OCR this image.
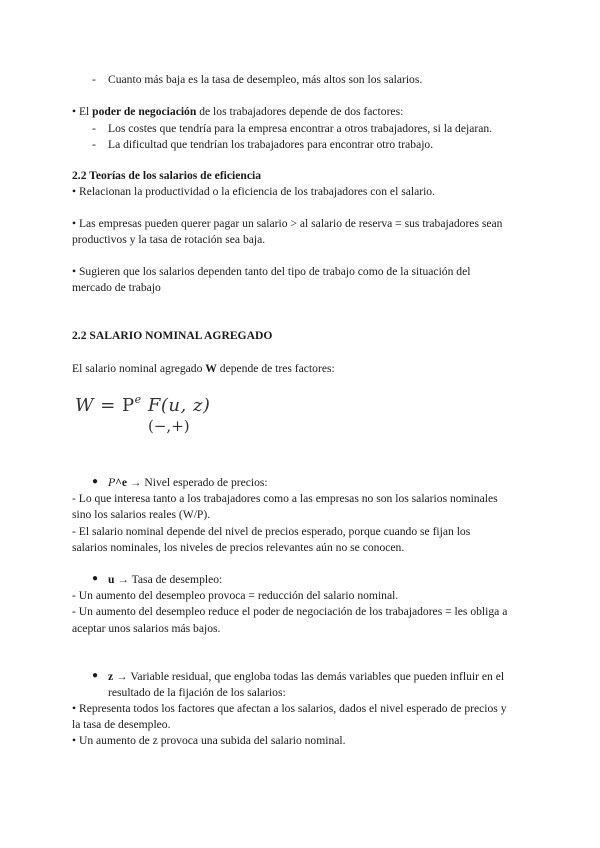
- Cuanto más baja es la tasa de desempleo, más altos son los salarios.
• El poder de negociación de los trabajadores depende de dos factores:
- Los costes que tendría para la empresa encontrar a otros trabajadores, si la dejaran.
- La dificultad que tendrían los trabajadores para encontrar otro trabajo.
2.2 Teorías de los salarios de eficiencia
• Relacionan la productividad o la eficiencia de los trabajadores con el salario.
• Las empresas pueden querer pagar un salario > al salario de reserva = sus trabajadores sean
productivos y la tasa de rotación sea baja.
• Sugieren que los salarios dependen tanto del tipo de trabajo como de la situación del
mercado de trabajo
2.2 SALARIO NOMINAL AGREGADO
El salario nominal agregado W depende de tres factores:
$W = P^e$ F(u, z)
(−,+)
● P^e → Nivel esperado de precios:
- Lo que interesa tanto a los trabajadores como a las empresas no son los salarios nominales
sino los salarios reales (W/P).
- El salario nominal depende del nivel de precios esperado, porque cuando se fijan los
salarios nominales, los niveles de precios relevantes aún no se conocen.
● u → Tasa de desempleo:
- Un aumento del desempleo provoca = reducción del salario nominal.
- Un aumento del desempleo reduce el poder de negociación de los trabajadores = les obliga a
aceptar unos salarios más bajos.
● z → Variable residual, que engloba todas las demás variables que pueden influir en el
resultado de la fijación de los salarios:
• Representa todos los factores que afectan a los salarios, dados el nivel esperado de precios y
la tasa de desempleo.
• Un aumento de z provoca una subida del salario nominal.
